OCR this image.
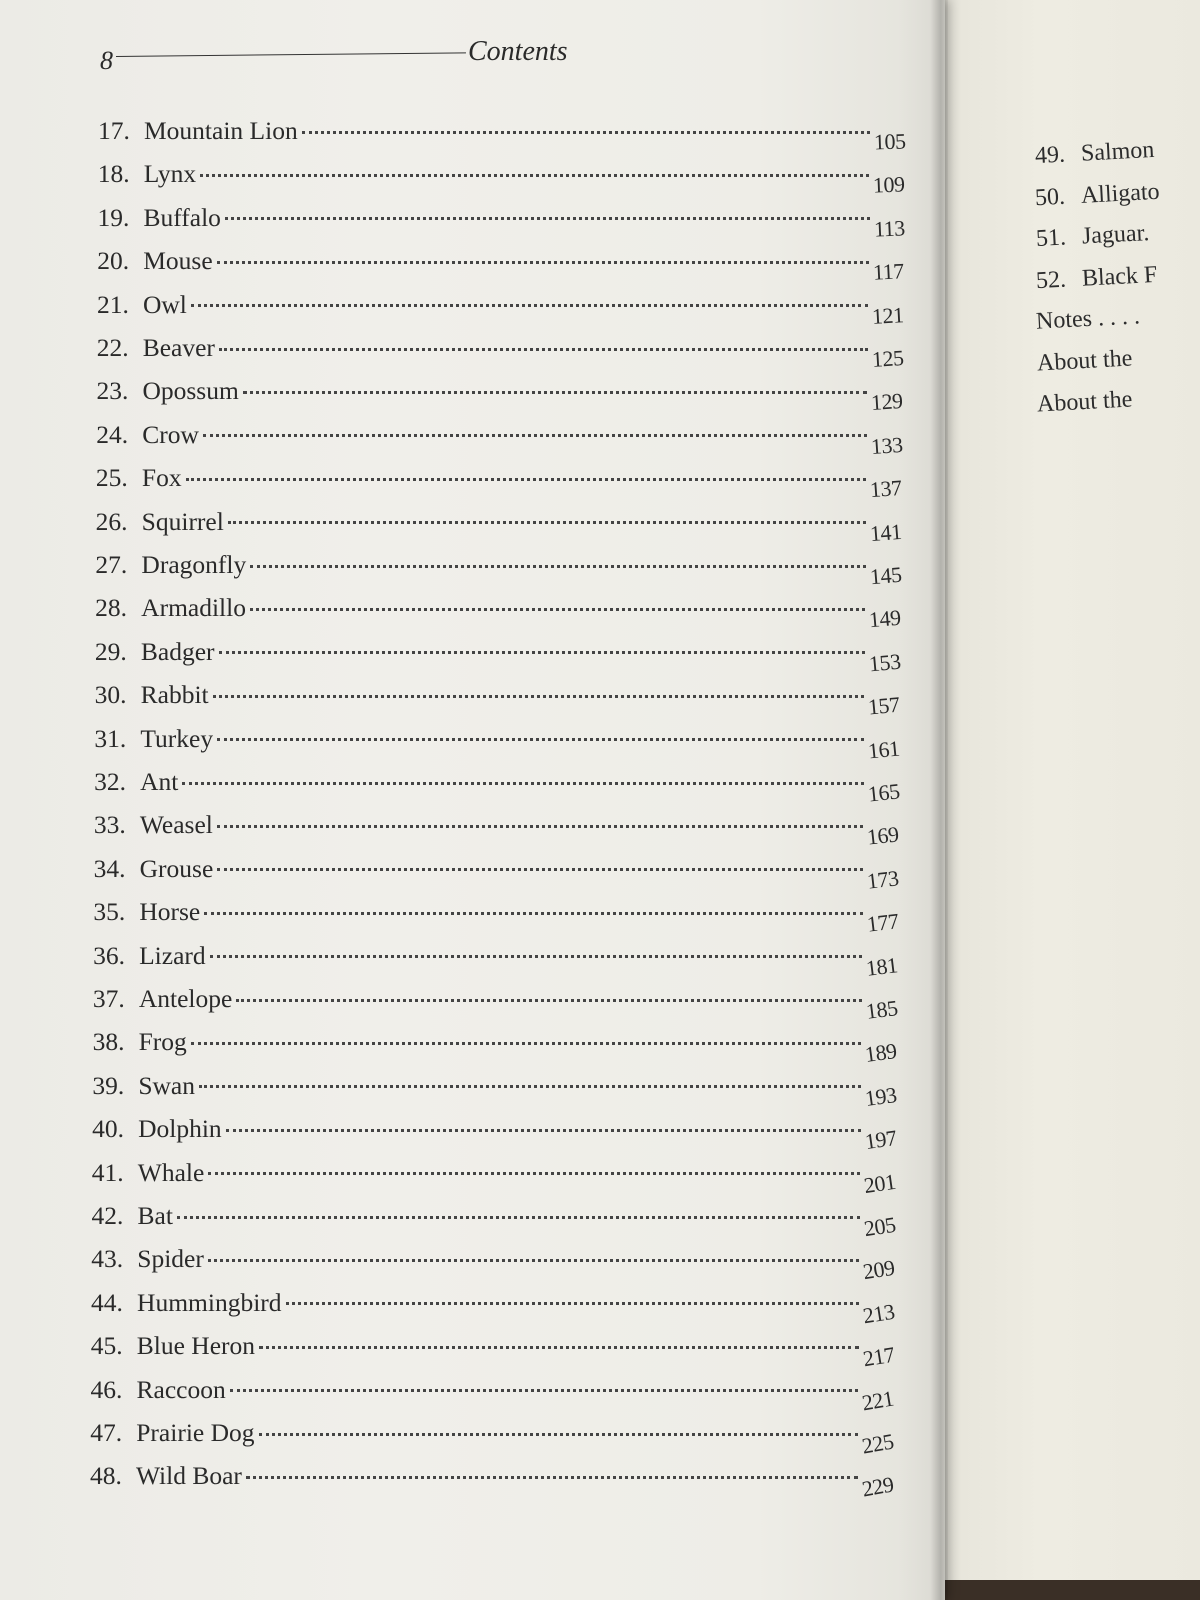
8	Contents
17. Mountain Lion	105
18. Lynx	109
19. Buffalo	113
20. Mouse	117
21. Owl	121
22. Beaver	125
23. Opossum	129
24. Crow	133
25. Fox	137
26. Squirrel	141
27. Dragonfly	145
28. Armadillo	149
29. Badger	153
30. Rabbit	157
31. Turkey	161
32. Ant	165
33. Weasel	169
34. Grouse	173
35. Horse	177
36. Lizard	181
37. Antelope	185
38. Frog	189
39. Swan	193
40. Dolphin	197
41. Whale	201
42. Bat	205
43. Spider	209
44. Hummingbird	213
45. Blue Heron	217
46. Raccoon	221
47. Prairie Dog	225
48. Wild Boar	229
49. Salmon
50. Alligato
51. Jaguar.
52. Black F
Notes . . . .
About the
About the
